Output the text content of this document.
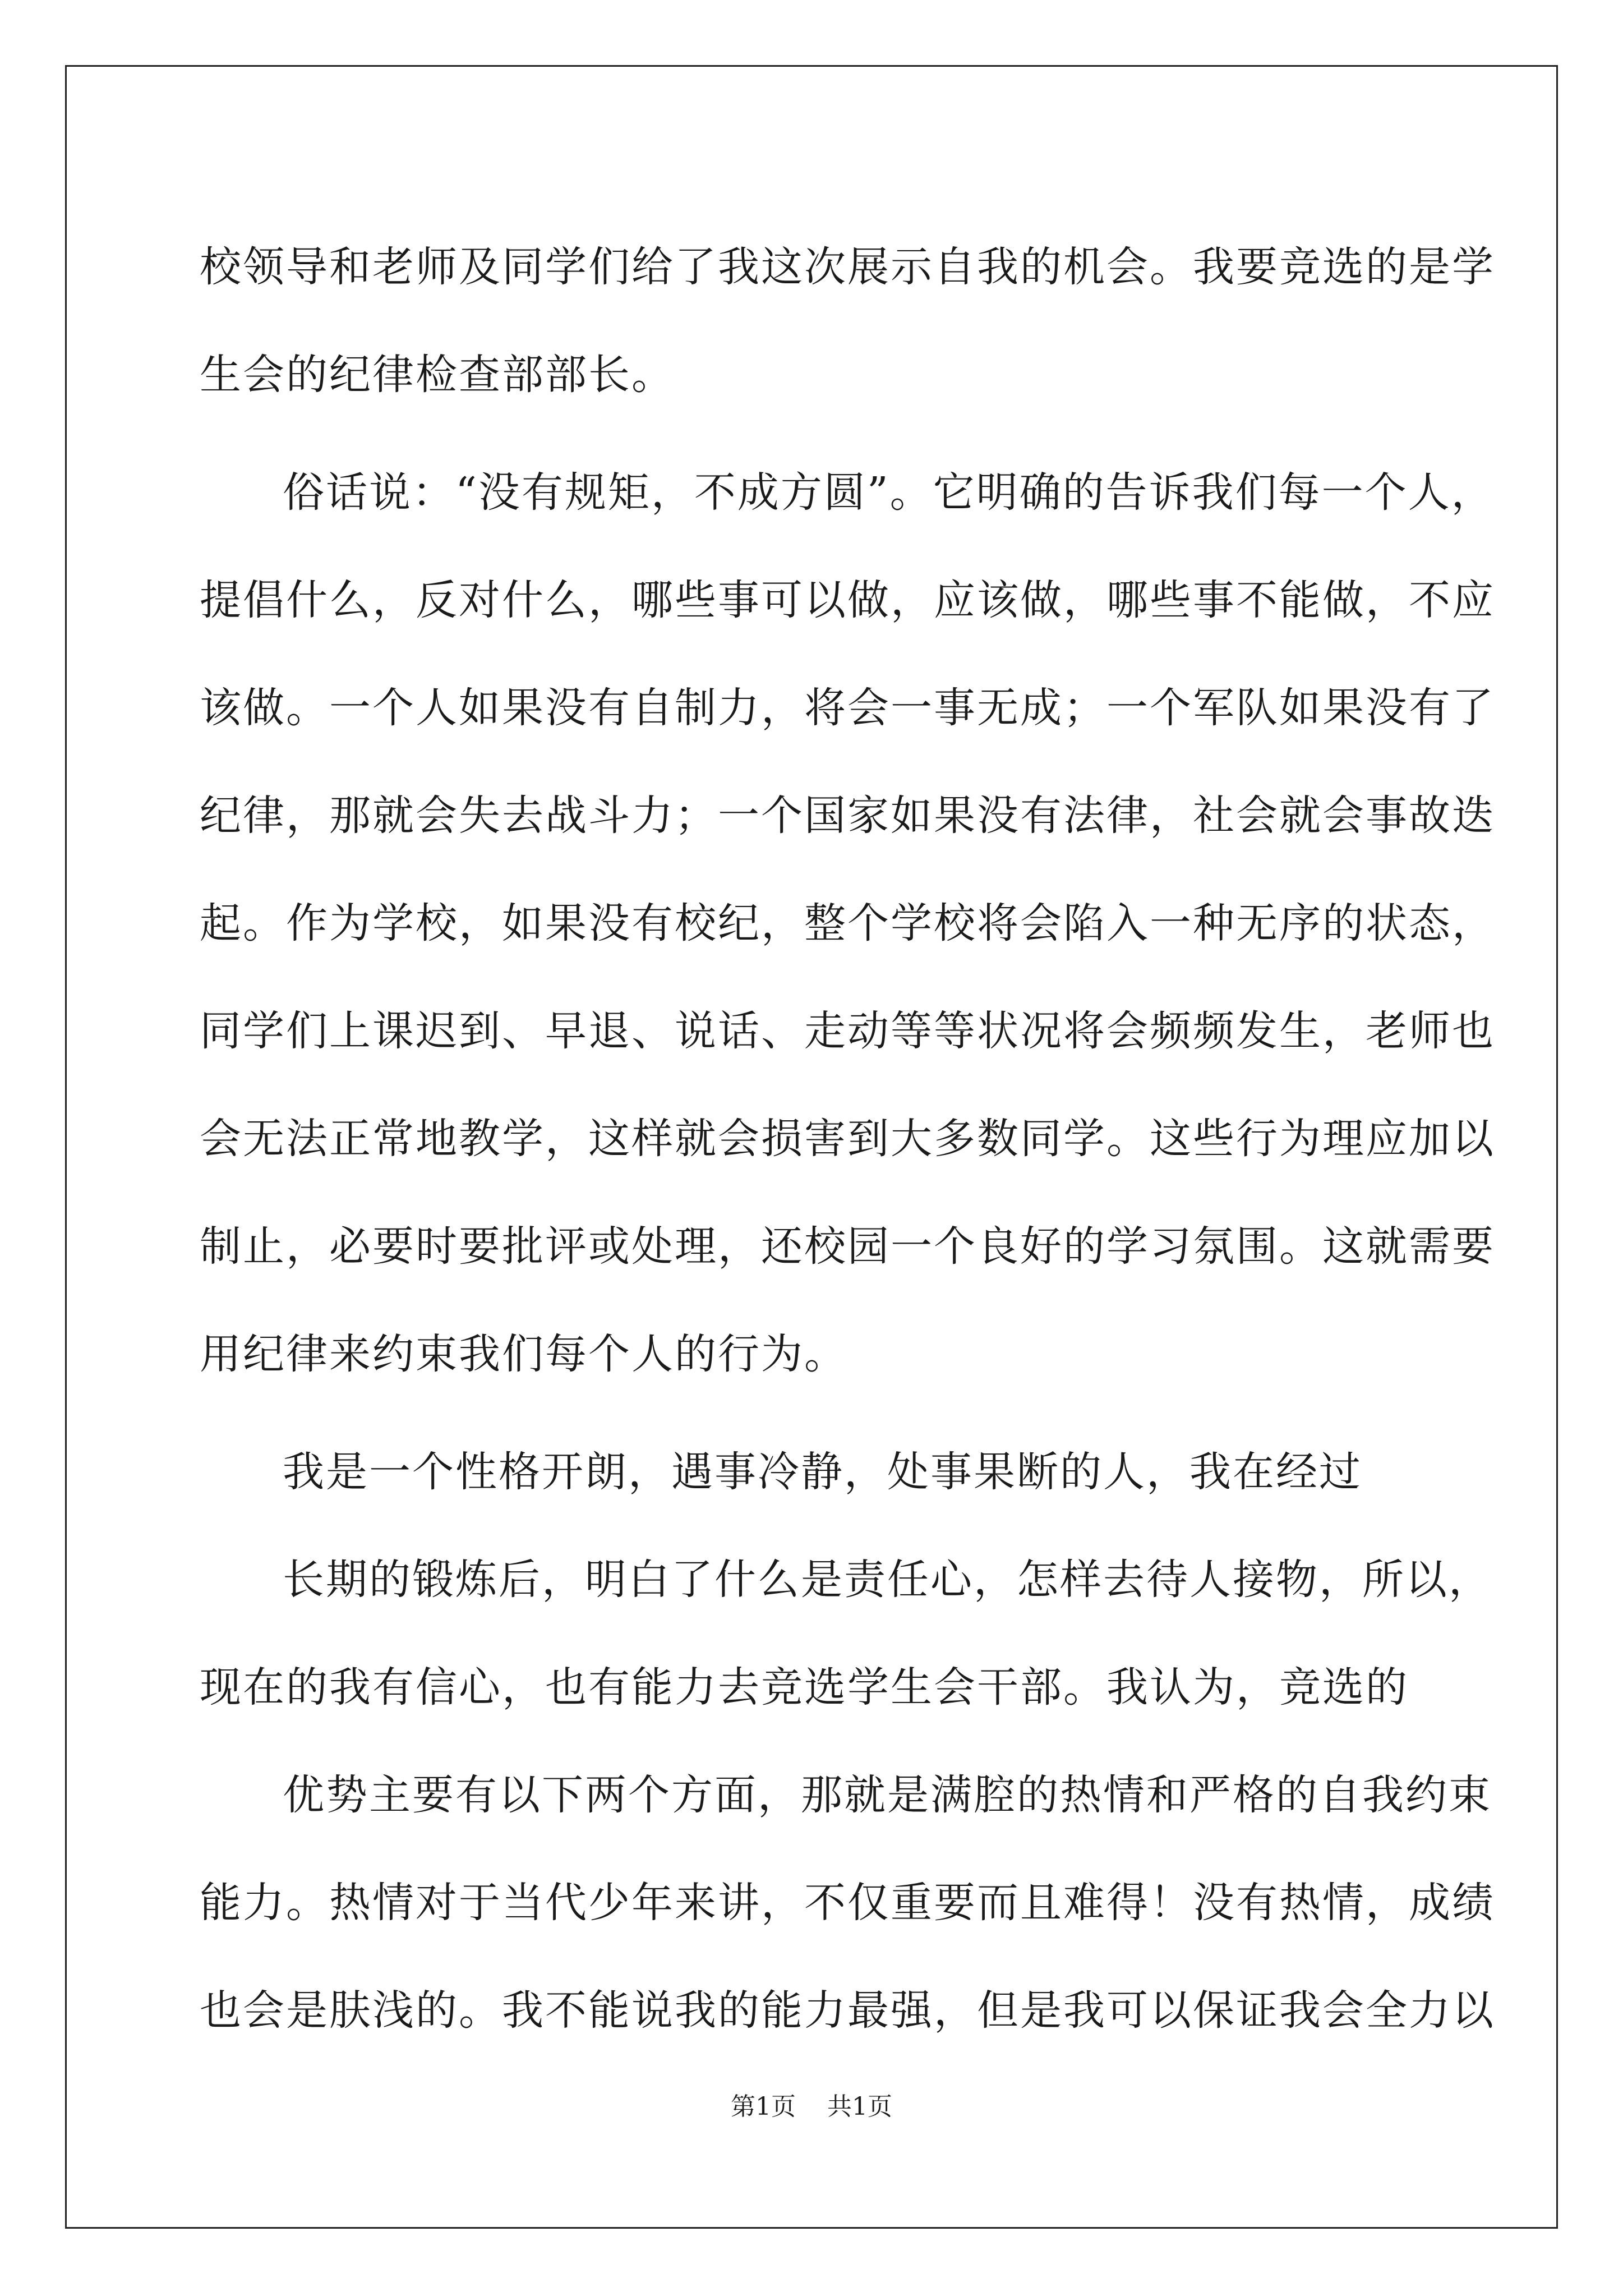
校领导和老师及同学们给了我这次展示自我的机会。我要竞选的是学
生会的纪律检查部部长。
俗话说：“没有规矩，不成方圆”。它明确的告诉我们每一个人，
提倡什么，反对什么，哪些事可以做，应该做，哪些事不能做，不应
该做。一个人如果没有自制力，将会一事无成；一个军队如果没有了
纪律，那就会失去战斗力；一个国家如果没有法律，社会就会事故迭
起。作为学校，如果没有校纪，整个学校将会陷入一种无序的状态，
同学们上课迟到、早退、说话、走动等等状况将会频频发生，老师也
会无法正常地教学，这样就会损害到大多数同学。这些行为理应加以
制止，必要时要批评或处理，还校园一个良好的学习氛围。这就需要
用纪律来约束我们每个人的行为。
我是一个性格开朗，遇事冷静，处事果断的人，我在经过
长期的锻炼后，明白了什么是责任心，怎样去待人接物，所以，
现在的我有信心，也有能力去竞选学生会干部。我认为，竞选的
优势主要有以下两个方面，那就是满腔的热情和严格的自我约束
能力。热情对于当代少年来讲，不仅重要而且难得！没有热情，成绩
也会是肤浅的。我不能说我的能力最强，但是我可以保证我会全力以
第1页 共1页
